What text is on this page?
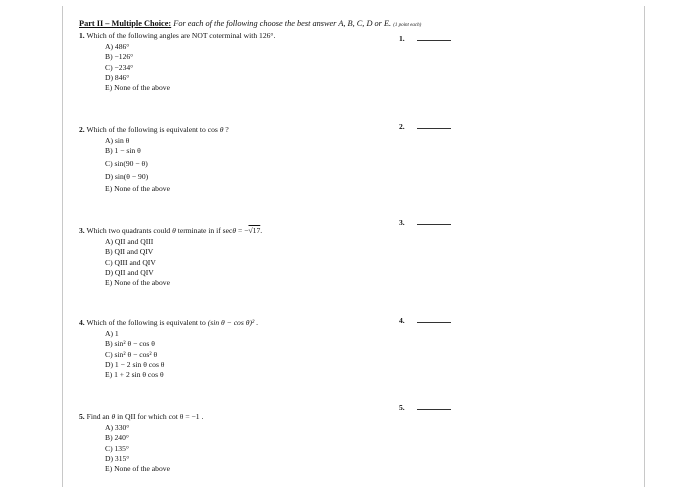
Part II – Multiple Choice: For each of the following choose the best answer A, B, C, D or E. (1 point each)
1. Which of the following angles are NOT coterminal with 126°.
A) 486°
B) −126°
C) −234°
D) 846°
E) None of the above
1.
2. Which of the following is equivalent to cos θ ?
A) sin θ
B) 1 − sin θ
C) sin(90 − θ)
D) sin(θ − 90)
E) None of the above
2.
3. Which two quadrants could θ terminate in if secθ = −√17.
A) QII and QIII
B) QII and QIV
C) QIII and QIV
D) QII and QIV
E) None of the above
3.
4. Which of the following is equivalent to (sin θ − cos θ)² .
A) 1
B) sin² θ − cos θ
C) sin² θ − cos² θ
D) 1 − 2 sin θ cos θ
E) 1 + 2 sin θ cos θ
4.
5. Find an θ in QII for which cot θ = −1 .
A) 330°
B) 240°
C) 135°
D) 315°
E) None of the above
5.
